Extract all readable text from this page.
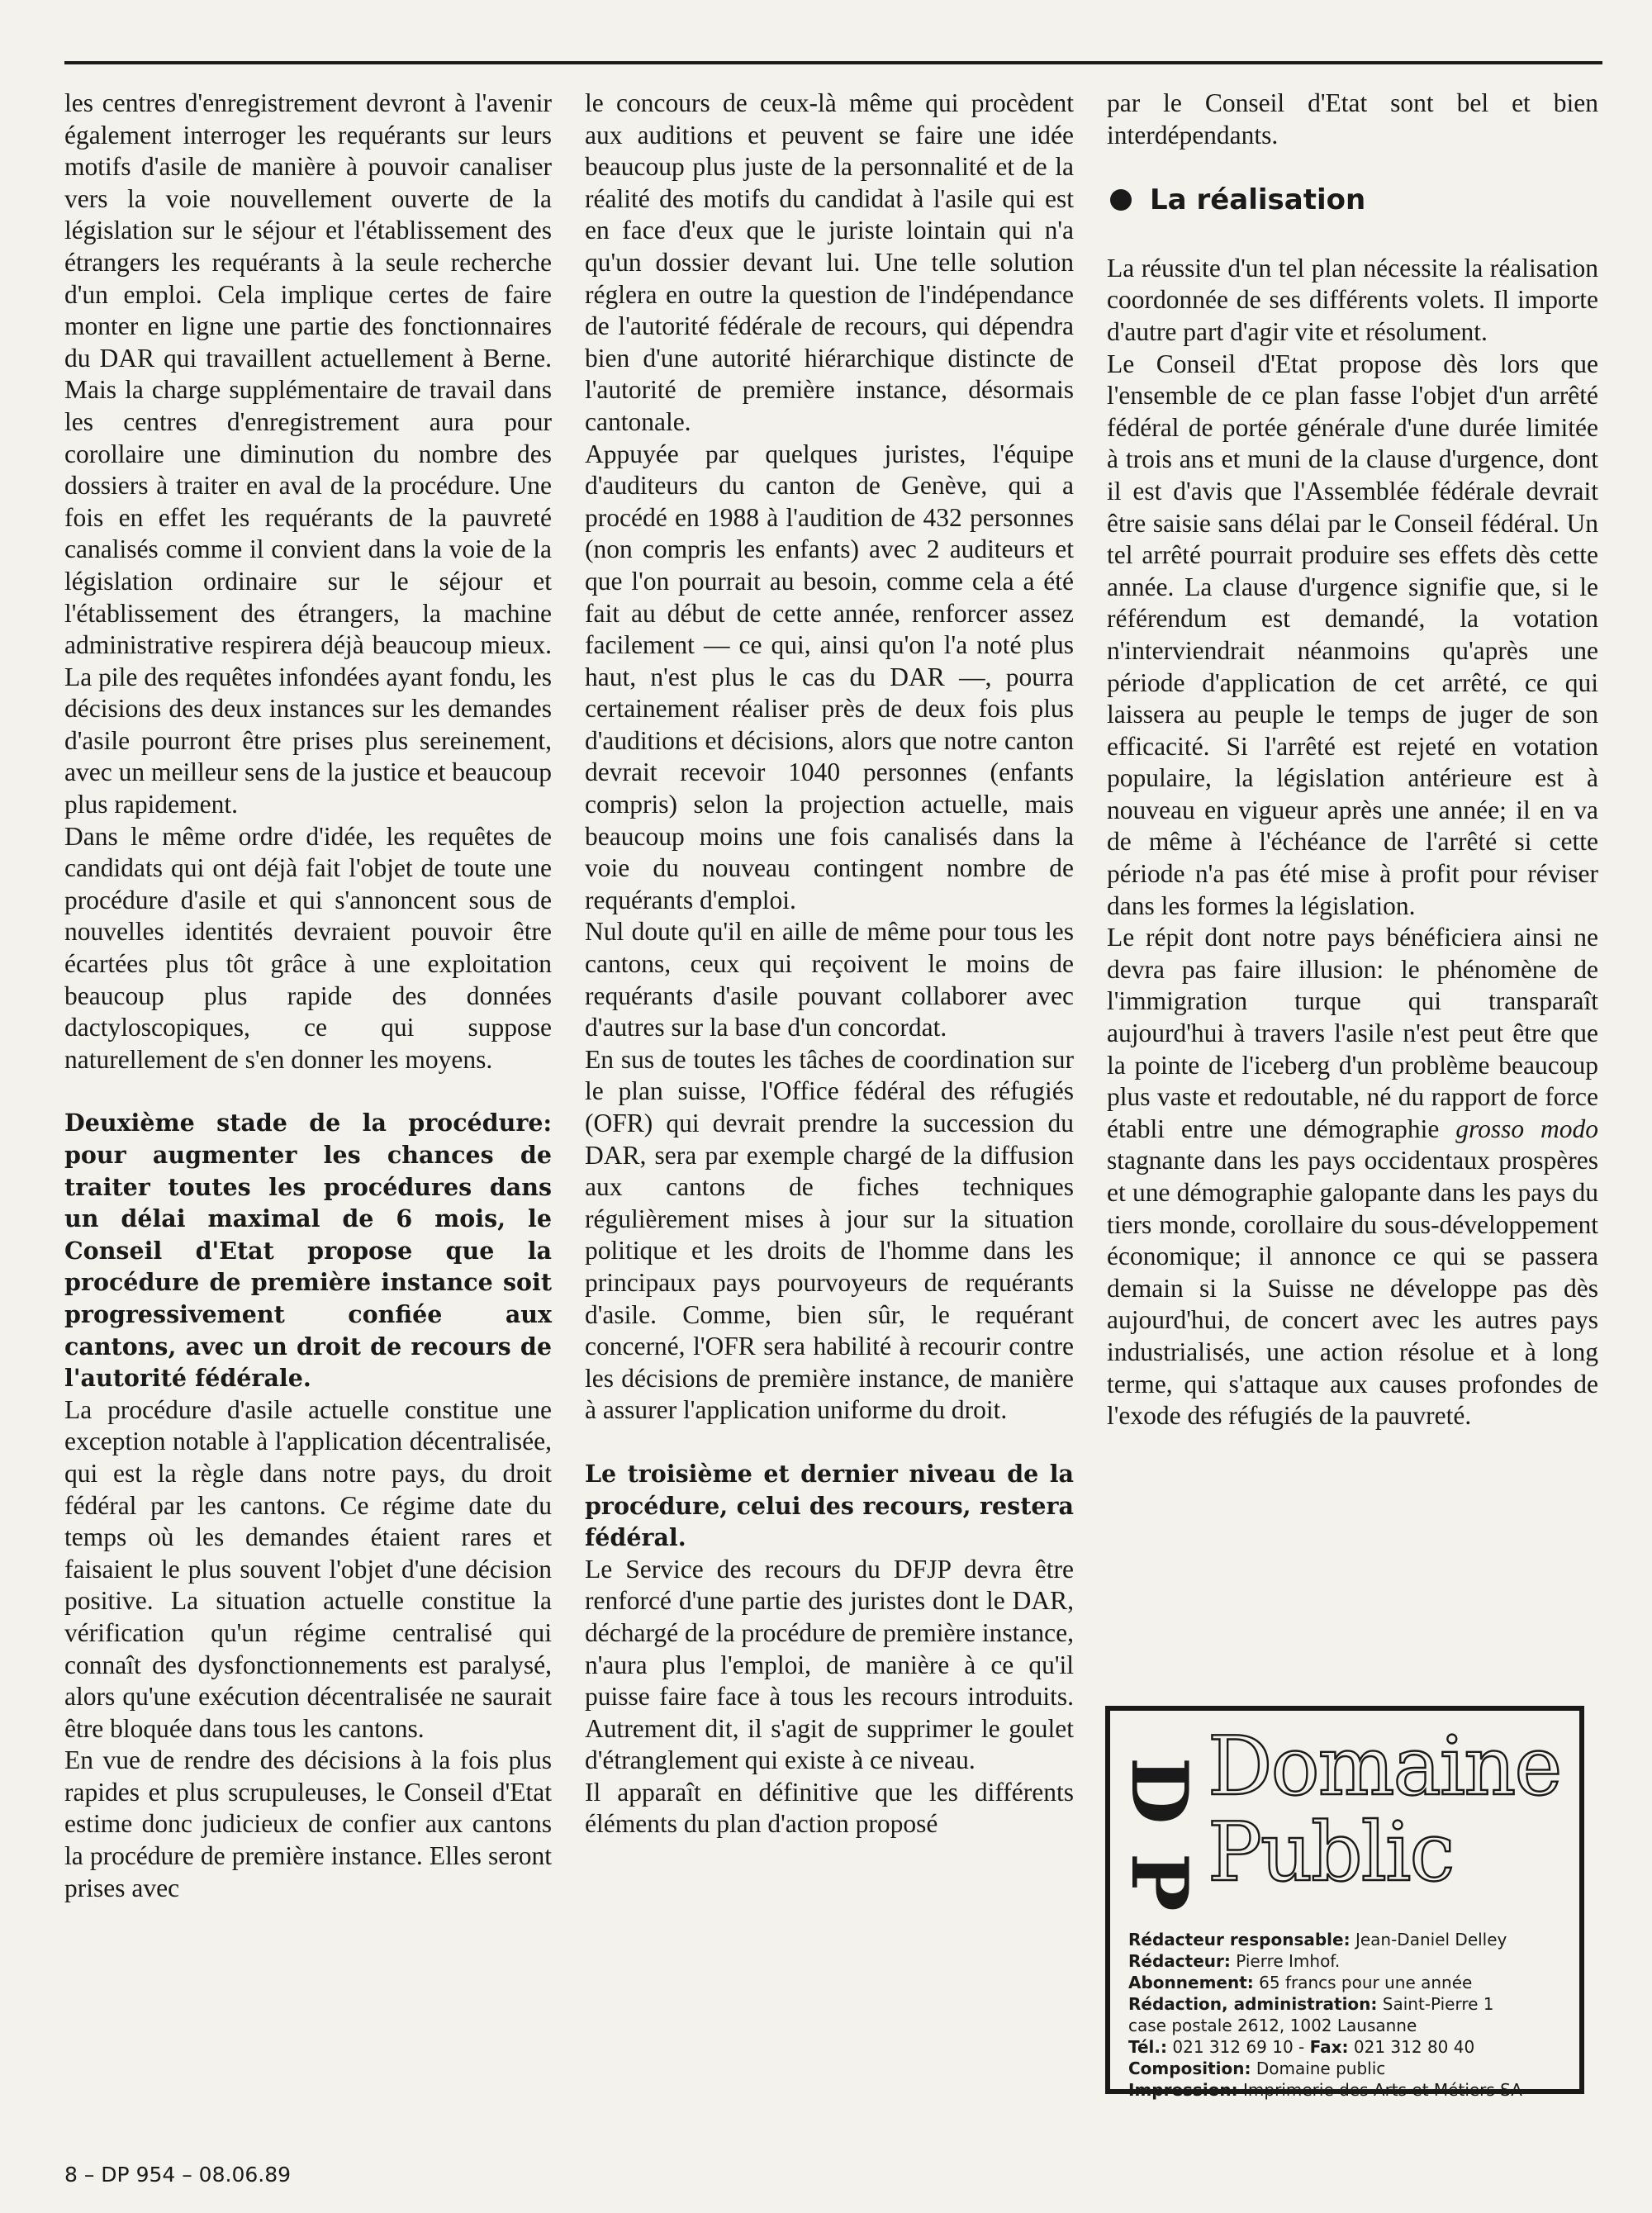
les centres d'enregistrement devront à l'avenir également interroger les requérants sur leurs motifs d'asile de manière à pouvoir canaliser vers la voie nouvellement ouverte de la législation sur le séjour et l'établissement des étrangers les requérants à la seule recherche d'un emploi. Cela implique certes de faire monter en ligne une partie des fonctionnaires du DAR qui travaillent actuellement à Berne. Mais la charge supplémentaire de travail dans les centres d'enregistrement aura pour corollaire une diminution du nombre des dossiers à traiter en aval de la procédure. Une fois en effet les requérants de la pauvreté canalisés comme il convient dans la voie de la législation ordinaire sur le séjour et l'établissement des étrangers, la machine administrative respirera déjà beaucoup mieux. La pile des requêtes infondées ayant fondu, les décisions des deux instances sur les demandes d'asile pourront être prises plus sereinement, avec un meilleur sens de la justice et beaucoup plus rapidement.

Dans le même ordre d'idée, les requêtes de candidats qui ont déjà fait l'objet de toute une procédure d'asile et qui s'annoncent sous de nouvelles identités devraient pouvoir être écartées plus tôt grâce à une exploitation beaucoup plus rapide des données dactyloscopiques, ce qui suppose naturellement de s'en donner les moyens.

Deuxième stade de la procédure: pour augmenter les chances de traiter toutes les procédures dans un délai maximal de 6 mois, le Conseil d'Etat propose que la procédure de première instance soit progressivement confiée aux cantons, avec un droit de recours de l'autorité fédérale.

La procédure d'asile actuelle constitue une exception notable à l'application décentralisée, qui est la règle dans notre pays, du droit fédéral par les cantons. Ce régime date du temps où les demandes étaient rares et faisaient le plus souvent l'objet d'une décision positive. La situation actuelle constitue la vérification qu'un régime centralisé qui connaît des dysfonctionnements est paralysé, alors qu'une exécution décentralisée ne saurait être bloquée dans tous les cantons.

En vue de rendre des décisions à la fois plus rapides et plus scrupuleuses, le Conseil d'Etat estime donc judicieux de confier aux cantons la procédure de première instance. Elles seront prises avec

le concours de ceux-là même qui procèdent aux auditions et peuvent se faire une idée beaucoup plus juste de la personnalité et de la réalité des motifs du candidat à l'asile qui est en face d'eux que le juriste lointain qui n'a qu'un dossier devant lui. Une telle solution réglera en outre la question de l'indépendance de l'autorité fédérale de recours, qui dépendra bien d'une autorité hiérarchique distincte de l'autorité de première instance, désormais cantonale.

Appuyée par quelques juristes, l'équipe d'auditeurs du canton de Genève, qui a procédé en 1988 à l'audition de 432 personnes (non compris les enfants) avec 2 auditeurs et que l'on pourrait au besoin, comme cela a été fait au début de cette année, renforcer assez facilement — ce qui, ainsi qu'on l'a noté plus haut, n'est plus le cas du DAR —, pourra certainement réaliser près de deux fois plus d'auditions et décisions, alors que notre canton devrait recevoir 1040 personnes (enfants compris) selon la projection actuelle, mais beaucoup moins une fois canalisés dans la voie du nouveau contingent nombre de requérants d'emploi.

Nul doute qu'il en aille de même pour tous les cantons, ceux qui reçoivent le moins de requérants d'asile pouvant collaborer avec d'autres sur la base d'un concordat.

En sus de toutes les tâches de coordination sur le plan suisse, l'Office fédéral des réfugiés (OFR) qui devrait prendre la succession du DAR, sera par exemple chargé de la diffusion aux cantons de fiches techniques régulièrement mises à jour sur la situation politique et les droits de l'homme dans les principaux pays pourvoyeurs de requérants d'asile. Comme, bien sûr, le requérant concerné, l'OFR sera habilité à recourir contre les décisions de première instance, de manière à assurer l'application uniforme du droit.

Le troisième et dernier niveau de la procédure, celui des recours, restera fédéral.

Le Service des recours du DFJP devra être renforcé d'une partie des juristes dont le DAR, déchargé de la procédure de première instance, n'aura plus l'emploi, de manière à ce qu'il puisse faire face à tous les recours introduits. Autrement dit, il s'agit de supprimer le goulet d'étranglement qui existe à ce niveau.

Il apparaît en définitive que les différents éléments du plan d'action proposé

par le Conseil d'Etat sont bel et bien interdépendants.

La réalisation

La réussite d'un tel plan nécessite la réalisation coordonnée de ses différents volets. Il importe d'autre part d'agir vite et résolument.

Le Conseil d'Etat propose dès lors que l'ensemble de ce plan fasse l'objet d'un arrêté fédéral de portée générale d'une durée limitée à trois ans et muni de la clause d'urgence, dont il est d'avis que l'Assemblée fédérale devrait être saisie sans délai par le Conseil fédéral. Un tel arrêté pourrait produire ses effets dès cette année. La clause d'urgence signifie que, si le référendum est demandé, la votation n'interviendrait néanmoins qu'après une période d'application de cet arrêté, ce qui laissera au peuple le temps de juger de son efficacité. Si l'arrêté est rejeté en votation populaire, la législation antérieure est à nouveau en vigueur après une année; il en va de même à l'échéance de l'arrêté si cette période n'a pas été mise à profit pour réviser dans les formes la législation.

Le répit dont notre pays bénéficiera ainsi ne devra pas faire illusion: le phénomène de l'immigration turque qui transparaît aujourd'hui à travers l'asile n'est peut être que la pointe de l'iceberg d'un problème beaucoup plus vaste et redoutable, né du rapport de force établi entre une démographie grosso modo stagnante dans les pays occidentaux prospères et une démographie galopante dans les pays du tiers monde, corollaire du sous-développement économique; il annonce ce qui se passera demain si la Suisse ne développe pas dès aujourd'hui, de concert avec les autres pays industrialisés, une action résolue et à long terme, qui s'attaque aux causes profondes de l'exode des réfugiés de la pauvreté.

D
P
Domaine
Public
Rédacteur responsable: Jean-Daniel Delley
Rédacteur: Pierre Imhof.
Abonnement: 65 francs pour une année
Rédaction, administration: Saint-Pierre 1
case postale 2612, 1002 Lausanne
Tél.: 021 312 69 10 - Fax: 021 312 80 40
Composition: Domaine public
Impression: Imprimerie des Arts et Métiers SA
8 – DP 954 – 08.06.89
